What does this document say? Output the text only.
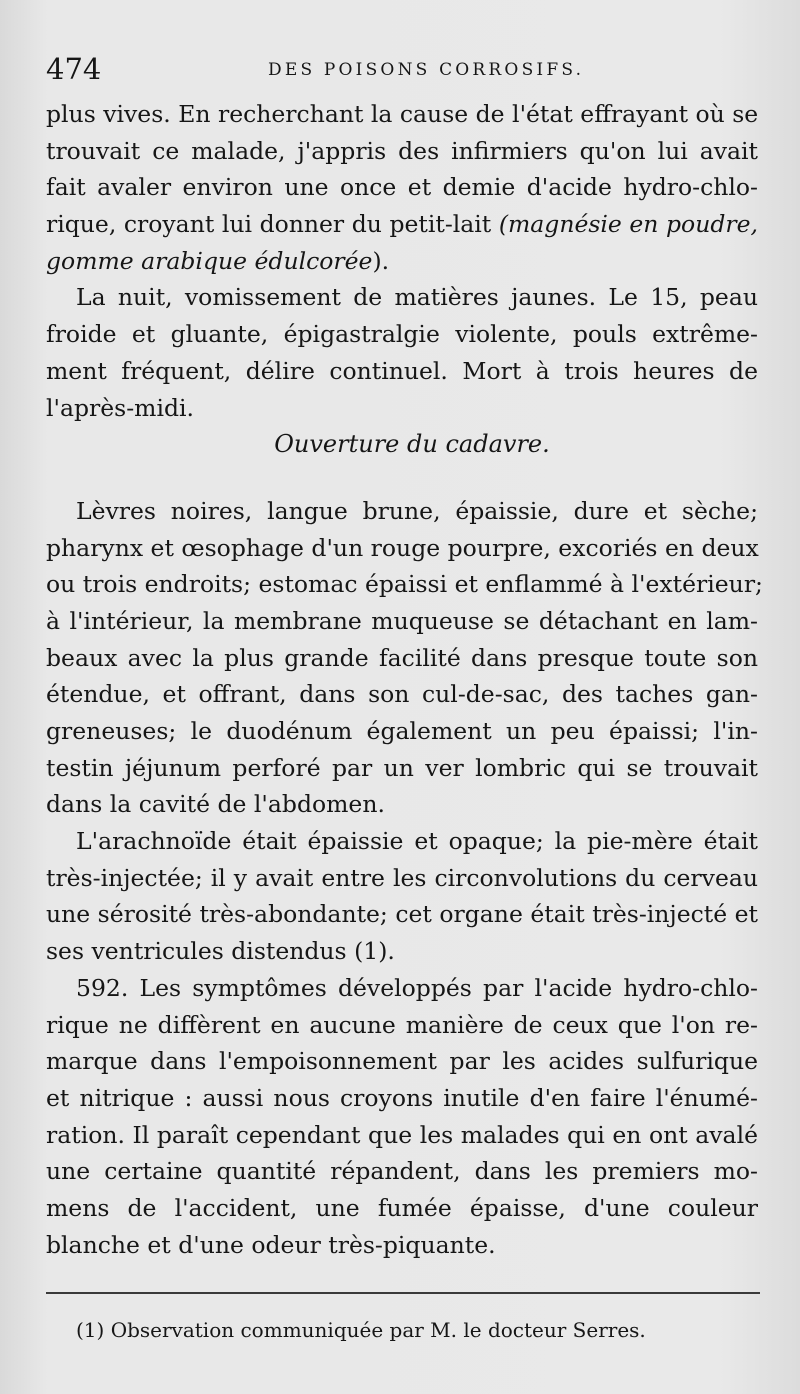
474	DES POISONS CORROSIFS.
plus vives. En recherchant la cause de l'état effrayant où se
trouvait ce malade, j'appris des infirmiers qu'on lui avait
fait avaler environ une once et demie d'acide hydro-chlo-
rique, croyant lui donner du petit-lait (magnésie en poudre,
gomme arabique édulcorée).
La nuit, vomissement de matières jaunes. Le 15, peau
froide et gluante, épigastralgie violente, pouls extrême-
ment fréquent, délire continuel. Mort à trois heures de
l'après-midi.
Ouverture du cadavre.
Lèvres noires, langue brune, épaissie, dure et sèche;
pharynx et œsophage d'un rouge pourpre, excoriés en deux
ou trois endroits; estomac épaissi et enflammé à l'extérieur;
à l'intérieur, la membrane muqueuse se détachant en lam-
beaux avec la plus grande facilité dans presque toute son
étendue, et offrant, dans son cul-de-sac, des taches gan-
greneuses; le duodénum également un peu épaissi; l'in-
testin jéjunum perforé par un ver lombric qui se trouvait
dans la cavité de l'abdomen.
L'arachnoïde était épaissie et opaque; la pie-mère était
très-injectée; il y avait entre les circonvolutions du cerveau
une sérosité très-abondante; cet organe était très-injecté et
ses ventricules distendus (1).
592. Les symptômes développés par l'acide hydro-chlo-
rique ne diffèrent en aucune manière de ceux que l'on re-
marque dans l'empoisonnement par les acides sulfurique
et nitrique : aussi nous croyons inutile d'en faire l'énumé-
ration. Il paraît cependant que les malades qui en ont avalé
une certaine quantité répandent, dans les premiers mo-
mens de l'accident, une fumée épaisse, d'une couleur
blanche et d'une odeur très-piquante.
(1) Observation communiquée par M. le docteur Serres.
